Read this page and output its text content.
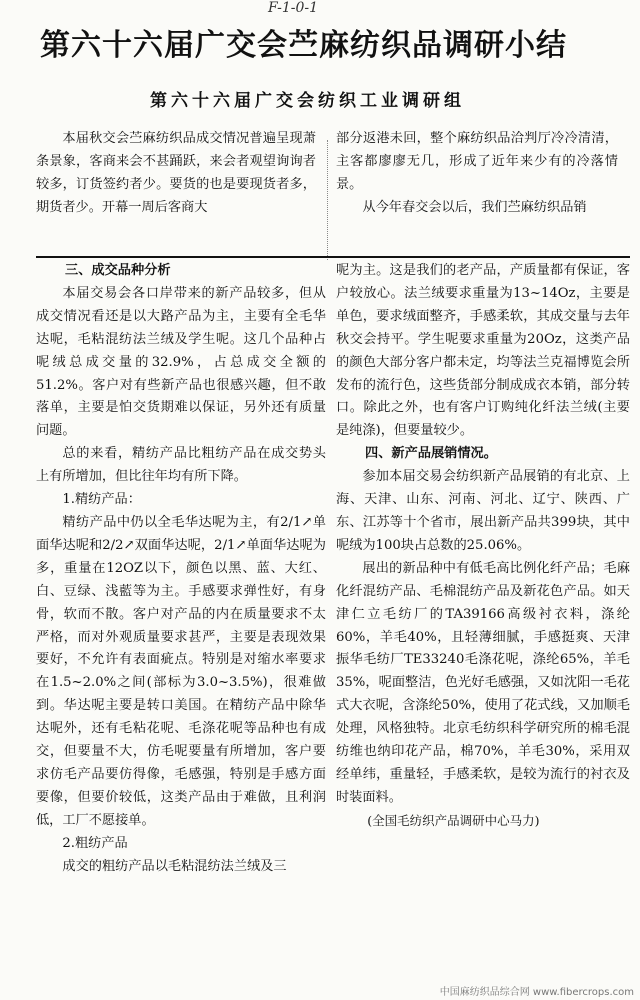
F-1-0-1
第六十六届广交会苎麻纺织品调研小结
第六十六届广交会纺织工业调研组

本届秋交会苎麻纺织品成交情况普遍呈现萧条景象，客商来会不甚踊跃，来会者观望询询者较多，订货签约者少。要货的也是要现货者多，期货者少。开幕一周后客商大

部分返港未回，整个麻纺织品洽判厅冷冷清清，主客都廖廖无几，形成了近年来少有的冷落情景。

从今年春交会以后，我们苎麻纺织品销

三、成交品种分析

本届交易会各口岸带来的新产品较多，但从成交情况看还是以大路产品为主，主要有全毛华达呢，毛粘混纺法兰绒及学生呢。这几个品种占呢绒总成交量的32.9%，占总成交全额的51.2%。客户对有些新产品也很感兴趣，但不敢落单，主要是怕交货期难以保证，另外还有质量问题。

总的来看，精纺产品比粗纺产品在成交势头上有所增加，但比往年均有所下降。

1.精纺产品：

精纺产品中仍以全毛华达呢为主，有2/1↗单面华达呢和2/2↗双面华达呢，2/1↗单面华达呢为多，重量在12OZ以下，颜色以黑、蓝、大红、白、豆绿、浅藍等为主。手感要求弹性好，有身骨，软而不散。客户对产品的内在质量要求不太严格，而对外观质量要求甚严，主要是表现效果要好，不允许有表面疵点。特别是对缩水率要求在1.5~2.0%之间(部标为3.0~3.5%)，很难做到。华达呢主要是转口美国。在精纺产品中除华达呢外，还有毛粘花呢、毛涤花呢等品种也有成交，但要量不大，仿毛呢要量有所增加，客户要求仿毛产品要仿得像，毛感强，特别是手感方面要像，但要价较低，这类产品由于难做，且利润低，工厂不愿接单。

2.粗纺产品

成交的粗纺产品以毛粘混纺法兰绒及三

呢为主。这是我们的老产品，产质量都有保证，客户较放心。法兰绒要求重量为13~14Oz，主要是单色，要求绒面整齐，手感柔软，其成交量与去年秋交会持平。学生呢要求重量为20Oz，这类产品的颜色大部分客户都未定，均等法兰克福博览会所发布的流行色，这些货部分制成成衣本销，部分转口。除此之外，也有客户订购纯化纤法兰绒(主要是纯涤)，但要量较少。

四、新产品展销情况。

参加本届交易会纺织新产品展销的有北京、上海、天津、山东、河南、河北、辽宁、陕西、广东、江苏等十个省市，展出新产品共399块，其中呢绒为100块占总数的25.06%。

展出的新品种中有低毛高比例化纤产品；毛麻化纤混纺产品、毛棉混纺产品及新花色产品。如天津仁立毛纺厂的TA39166高级衬衣料，涤纶60%，羊毛40%，且轻薄细腻，手感挺爽、天津振华毛纺厂TE33240毛涤花呢，涤纶65%，羊毛35%，呢面整洁，色光好毛感强，又如沈阳一毛花式大衣呢，含涤纶50%，使用了花式线，又加顺毛处理，风格独特。北京毛纺织科学研究所的棉毛混纺维也纳印花产品，棉70%，羊毛30%，采用双经单纬，重量轻，手感柔软，是较为流行的衬衣及时装面料。

(全国毛纺织产品调研中心马力)

中国麻纺织品综合网 www.fibercrops.com
